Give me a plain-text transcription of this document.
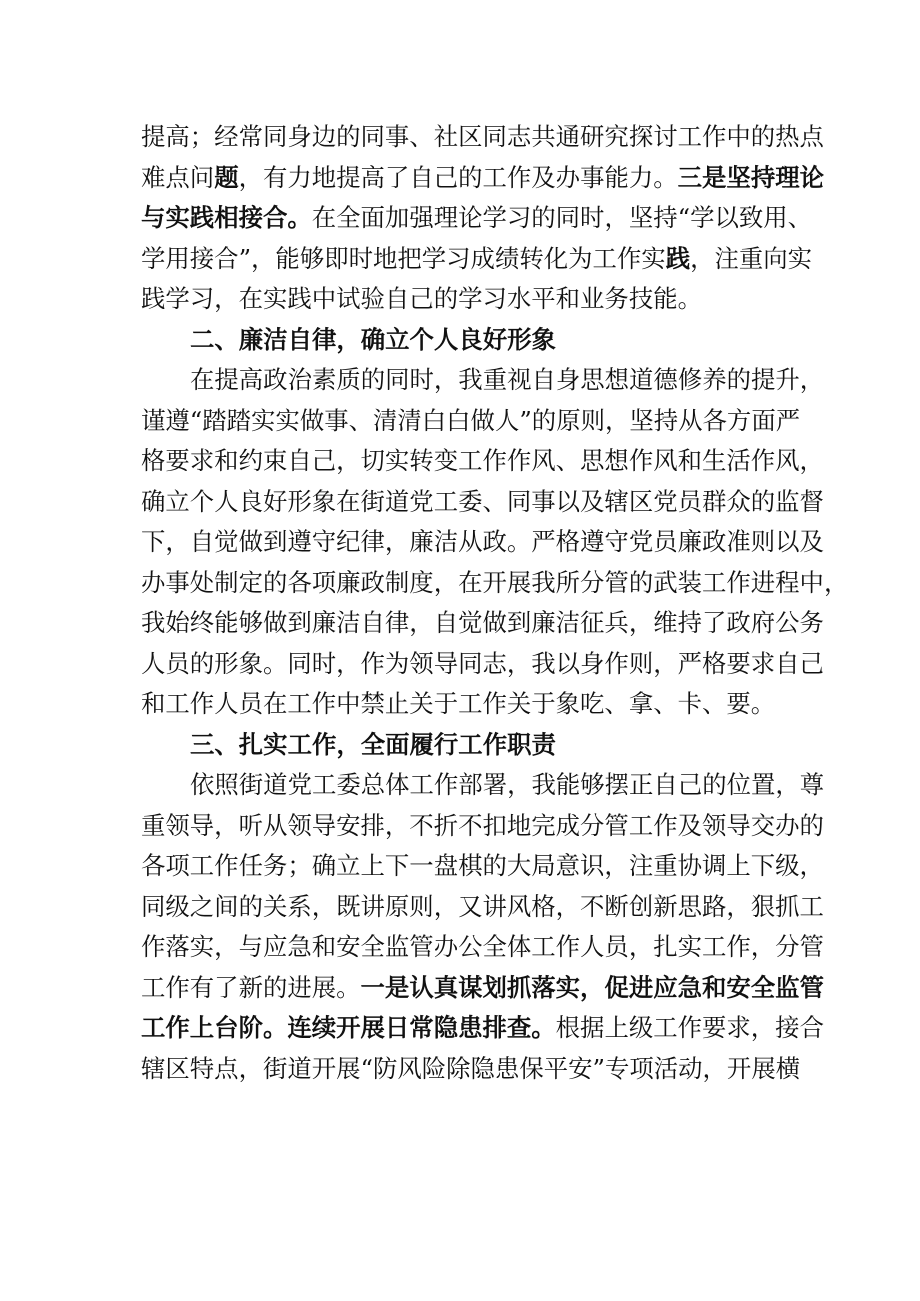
提高；经常同身边的同事、社区同志共通研究探讨工作中的热点
难点问题，有力地提高了自己的工作及办事能力。三是坚持理论
与实践相接合。在全面加强理论学习的同时，坚持“学以致用、
学用接合”，能够即时地把学习成绩转化为工作实践，注重向实
践学习，在实践中试验自己的学习水平和业务技能。
二、廉洁自律，确立个人良好形象
在提高政治素质的同时，我重视自身思想道德修养的提升，
谨遵“踏踏实实做事、清清白白做人”的原则，坚持从各方面严
格要求和约束自己，切实转变工作作风、思想作风和生活作风，
确立个人良好形象在街道党工委、同事以及辖区党员群众的监督
下，自觉做到遵守纪律，廉洁从政。严格遵守党员廉政准则以及
办事处制定的各项廉政制度，在开展我所分管的武装工作进程中，
我始终能够做到廉洁自律，自觉做到廉洁征兵，维持了政府公务
人员的形象。同时，作为领导同志，我以身作则，严格要求自己
和工作人员在工作中禁止关于工作关于象吃、拿、卡、要。
三、扎实工作，全面履行工作职责
依照街道党工委总体工作部署，我能够摆正自己的位置，尊
重领导，听从领导安排，不折不扣地完成分管工作及领导交办的
各项工作任务；确立上下一盘棋的大局意识，注重协调上下级，
同级之间的关系，既讲原则，又讲风格，不断创新思路，狠抓工
作落实，与应急和安全监管办公全体工作人员，扎实工作，分管
工作有了新的进展。一是认真谋划抓落实，促进应急和安全监管
工作上台阶。连续开展日常隐患排查。根据上级工作要求，接合
辖区特点，街道开展“防风险除隐患保平安”专项活动，开展横
